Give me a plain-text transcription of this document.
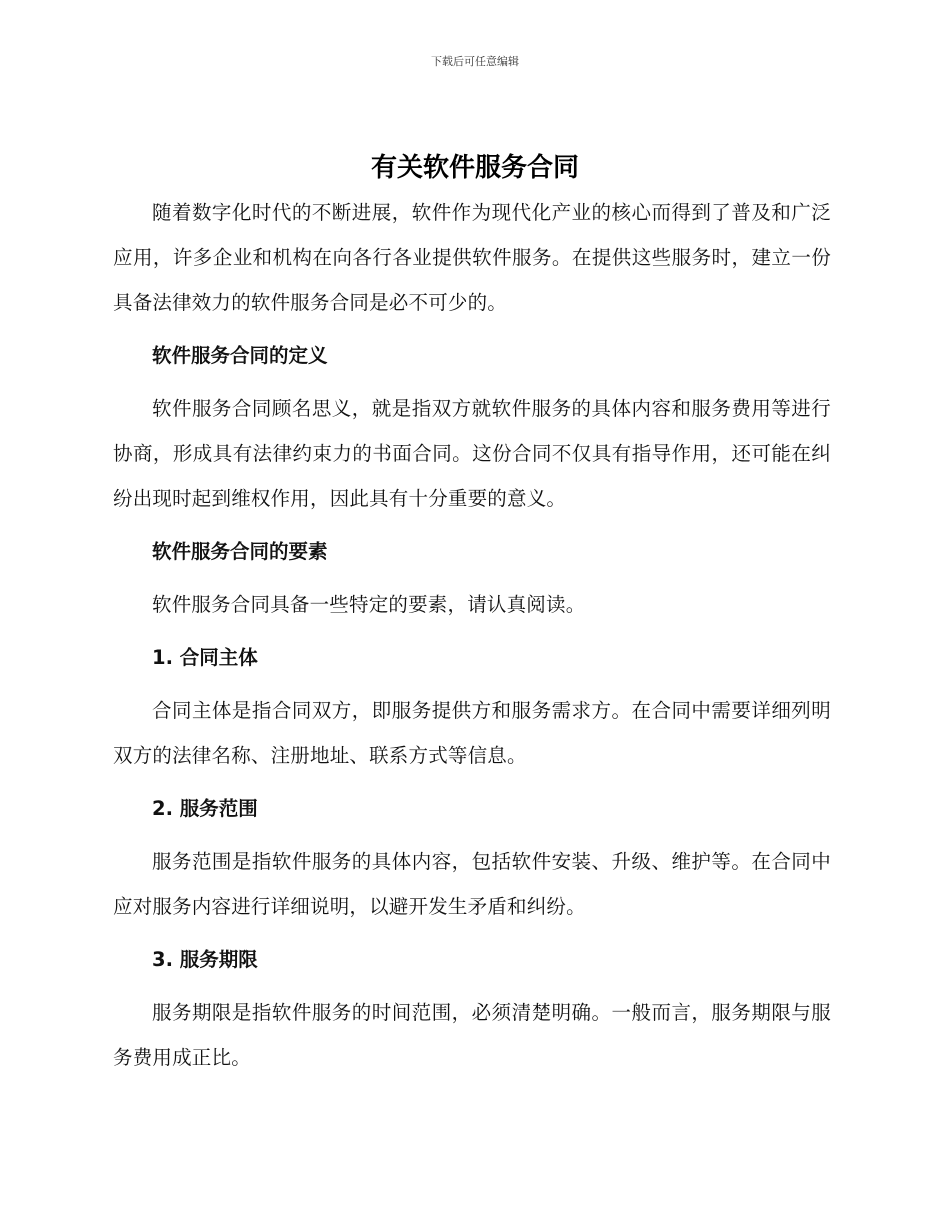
下载后可任意编辑
有关软件服务合同

随着数字化时代的不断进展，软件作为现代化产业的核心而得到了普及和广泛应用，许多企业和机构在向各行各业提供软件服务。在提供这些服务时，建立一份具备法律效力的软件服务合同是必不可少的。

软件服务合同的定义

软件服务合同顾名思义，就是指双方就软件服务的具体内容和服务费用等进行协商，形成具有法律约束力的书面合同。这份合同不仅具有指导作用，还可能在纠纷出现时起到维权作用，因此具有十分重要的意义。

软件服务合同的要素

软件服务合同具备一些特定的要素，请认真阅读。

1. 合同主体

合同主体是指合同双方，即服务提供方和服务需求方。在合同中需要详细列明双方的法律名称、注册地址、联系方式等信息。

2. 服务范围

服务范围是指软件服务的具体内容，包括软件安装、升级、维护等。在合同中应对服务内容进行详细说明，以避开发生矛盾和纠纷。

3. 服务期限

服务期限是指软件服务的时间范围，必须清楚明确。一般而言，服务期限与服务费用成正比。
